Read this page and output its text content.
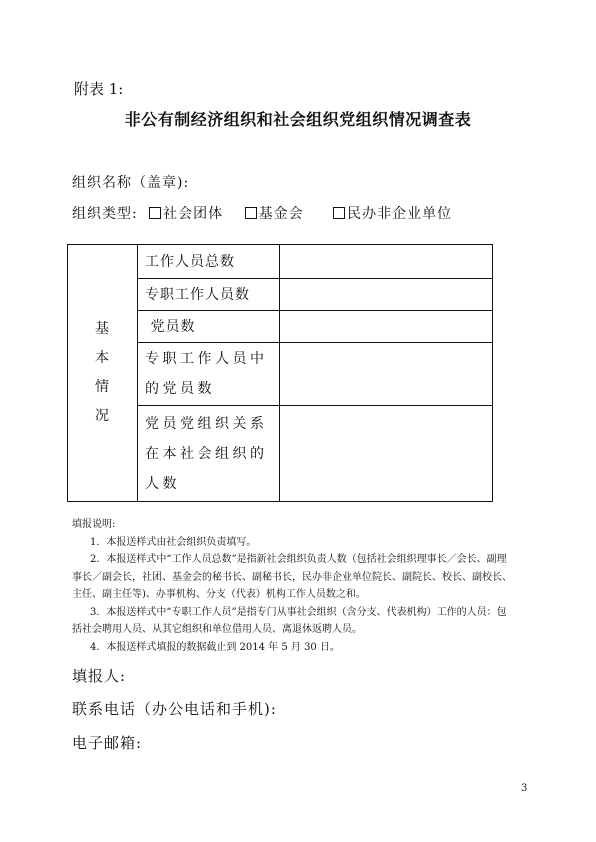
附表 1:
非公有制经济组织和社会组织党组织情况调查表
组织名称（盖章):
组织类型: 社会团体	基金会	民办非企业单位
基
本
情
况	工作人员总数	
	专职工作人员数	
	党员数	
	专职工作人员中的党员数	
	党员党组织关系在本社会组织的人数	

填报说明:

1．本报送样式由社会组织负责填写。

2．本报送样式中“工作人员总数”是指新社会组织负责人数（包括社会组织理事长／会长、副理事长／副会长，社团、基金会的秘书长、副秘书长，民办非企业单位院长、副院长、校长、副校长、主任、副主任等)、办事机构、分支（代表）机构工作人员数之和。

3．本报送样式中“专职工作人员”是指专门从事社会组织（含分支、代表机构）工作的人员：包括社会聘用人员、从其它组织和单位借用人员、离退休返聘人员。

4．本报送样式填报的数据截止到 2014 年 5 月 30 日。

填报人:
联系电话（办公电话和手机):
电子邮箱:
3
